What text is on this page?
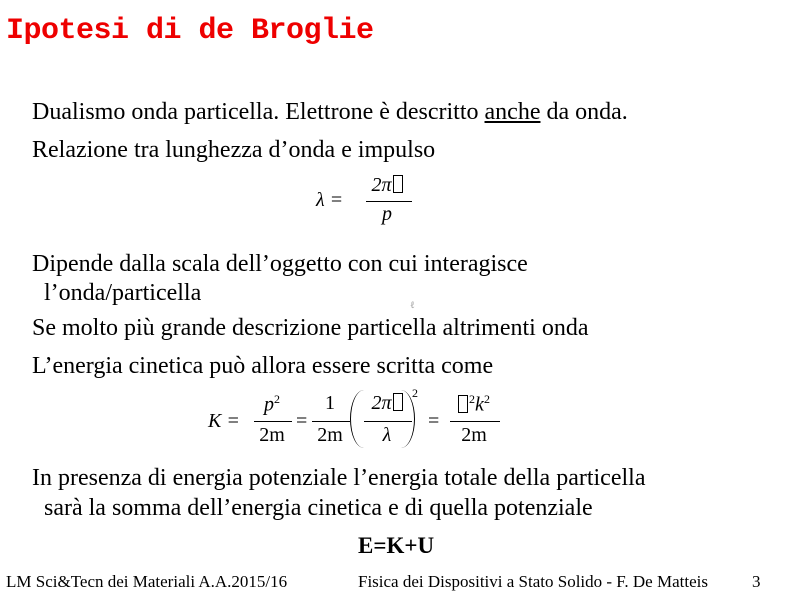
Ipotesi di de Broglie
Dualismo onda particella. Elettrone è descritto anche da onda.
Relazione tra lunghezza d’onda e impulso
λ =
2π
p
Dipende dalla scala dell’oggetto con cui interagisce
l’onda/particella	ℓ
Se molto più grande descrizione particella altrimenti onda
L’energia cinetica può allora essere scritta come
K =
$p^2$
2m
=
1
2m
2π
λ
2
=
$^2k^2$
2m
In presenza di energia potenziale l’energia totale della particella
sarà la somma dell’energia cinetica e di quella potenziale
E=K+U
LM Sci&Tecn dei Materiali A.A.2015/16	Fisica dei Dispositivi a Stato Solido - F. De Matteis	3
